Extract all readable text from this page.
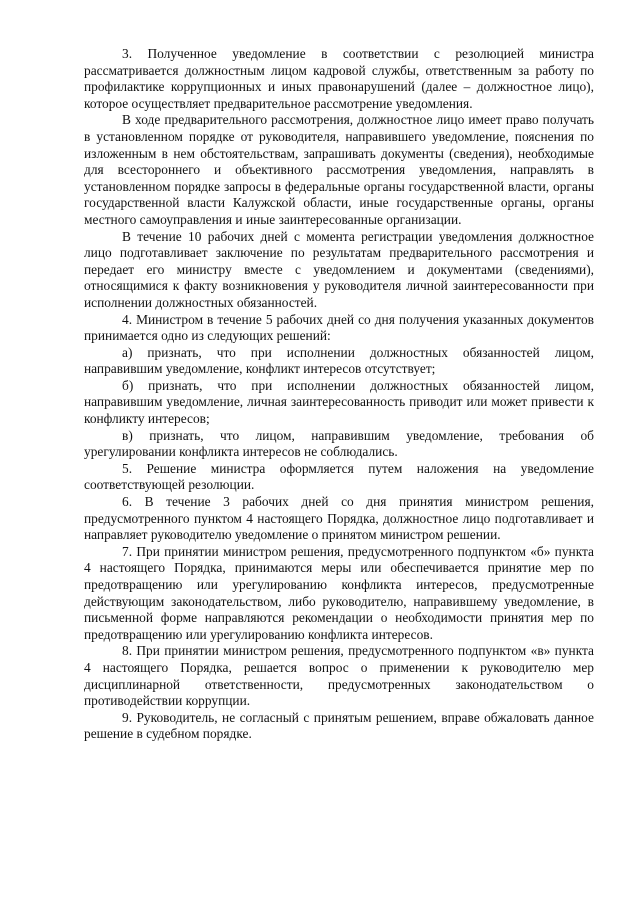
3. Полученное уведомление в соответствии с резолюцией министра рассматривается должностным лицом кадровой службы, ответственным за работу по профилактике коррупционных и иных правонарушений (далее – должностное лицо), которое осуществляет предварительное рассмотрение уведомления.

В ходе предварительного рассмотрения, должностное лицо имеет право получать в установленном порядке от руководителя, направившего уведомление, пояснения по изложенным в нем обстоятельствам, запрашивать документы (сведения), необходимые для всестороннего и объективного рассмотрения уведомления, направлять в установленном порядке запросы в федеральные органы государственной власти, органы государственной власти Калужской области, иные государственные органы, органы местного самоуправления и иные заинтересованные организации.

В течение 10 рабочих дней с момента регистрации уведомления должностное лицо подготавливает заключение по результатам предварительного рассмотрения и передает его министру вместе с уведомлением и документами (сведениями), относящимися к факту возникновения у руководителя личной заинтересованности при исполнении должностных обязанностей.

4. Министром в течение 5 рабочих дней со дня получения указанных документов принимается одно из следующих решений:

а) признать, что при исполнении должностных обязанностей лицом, направившим уведомление, конфликт интересов отсутствует;

б) признать, что при исполнении должностных обязанностей лицом, направившим уведомление, личная заинтересованность приводит или может привести к конфликту интересов;

в) признать, что лицом, направившим уведомление, требования об урегулировании конфликта интересов не соблюдались.

5. Решение министра оформляется путем наложения на уведомление соответствующей резолюции.

6. В течение 3 рабочих дней со дня принятия министром решения, предусмотренного пунктом 4 настоящего Порядка, должностное лицо подготавливает и направляет руководителю уведомление о принятом министром решении.

7. При принятии министром решения, предусмотренного подпунктом «б» пункта 4 настоящего Порядка, принимаются меры или обеспечивается принятие мер по предотвращению или урегулированию конфликта интересов, предусмотренные действующим законодательством, либо руководителю, направившему уведомление, в письменной форме направляются рекомендации о необходимости принятия мер по предотвращению или урегулированию конфликта интересов.

8. При принятии министром решения, предусмотренного подпунктом «в» пункта 4 настоящего Порядка, решается вопрос о применении к руководителю мер дисциплинарной ответственности, предусмотренных законодательством о противодействии коррупции.

9. Руководитель, не согласный с принятым решением, вправе обжаловать данное решение в судебном порядке.
